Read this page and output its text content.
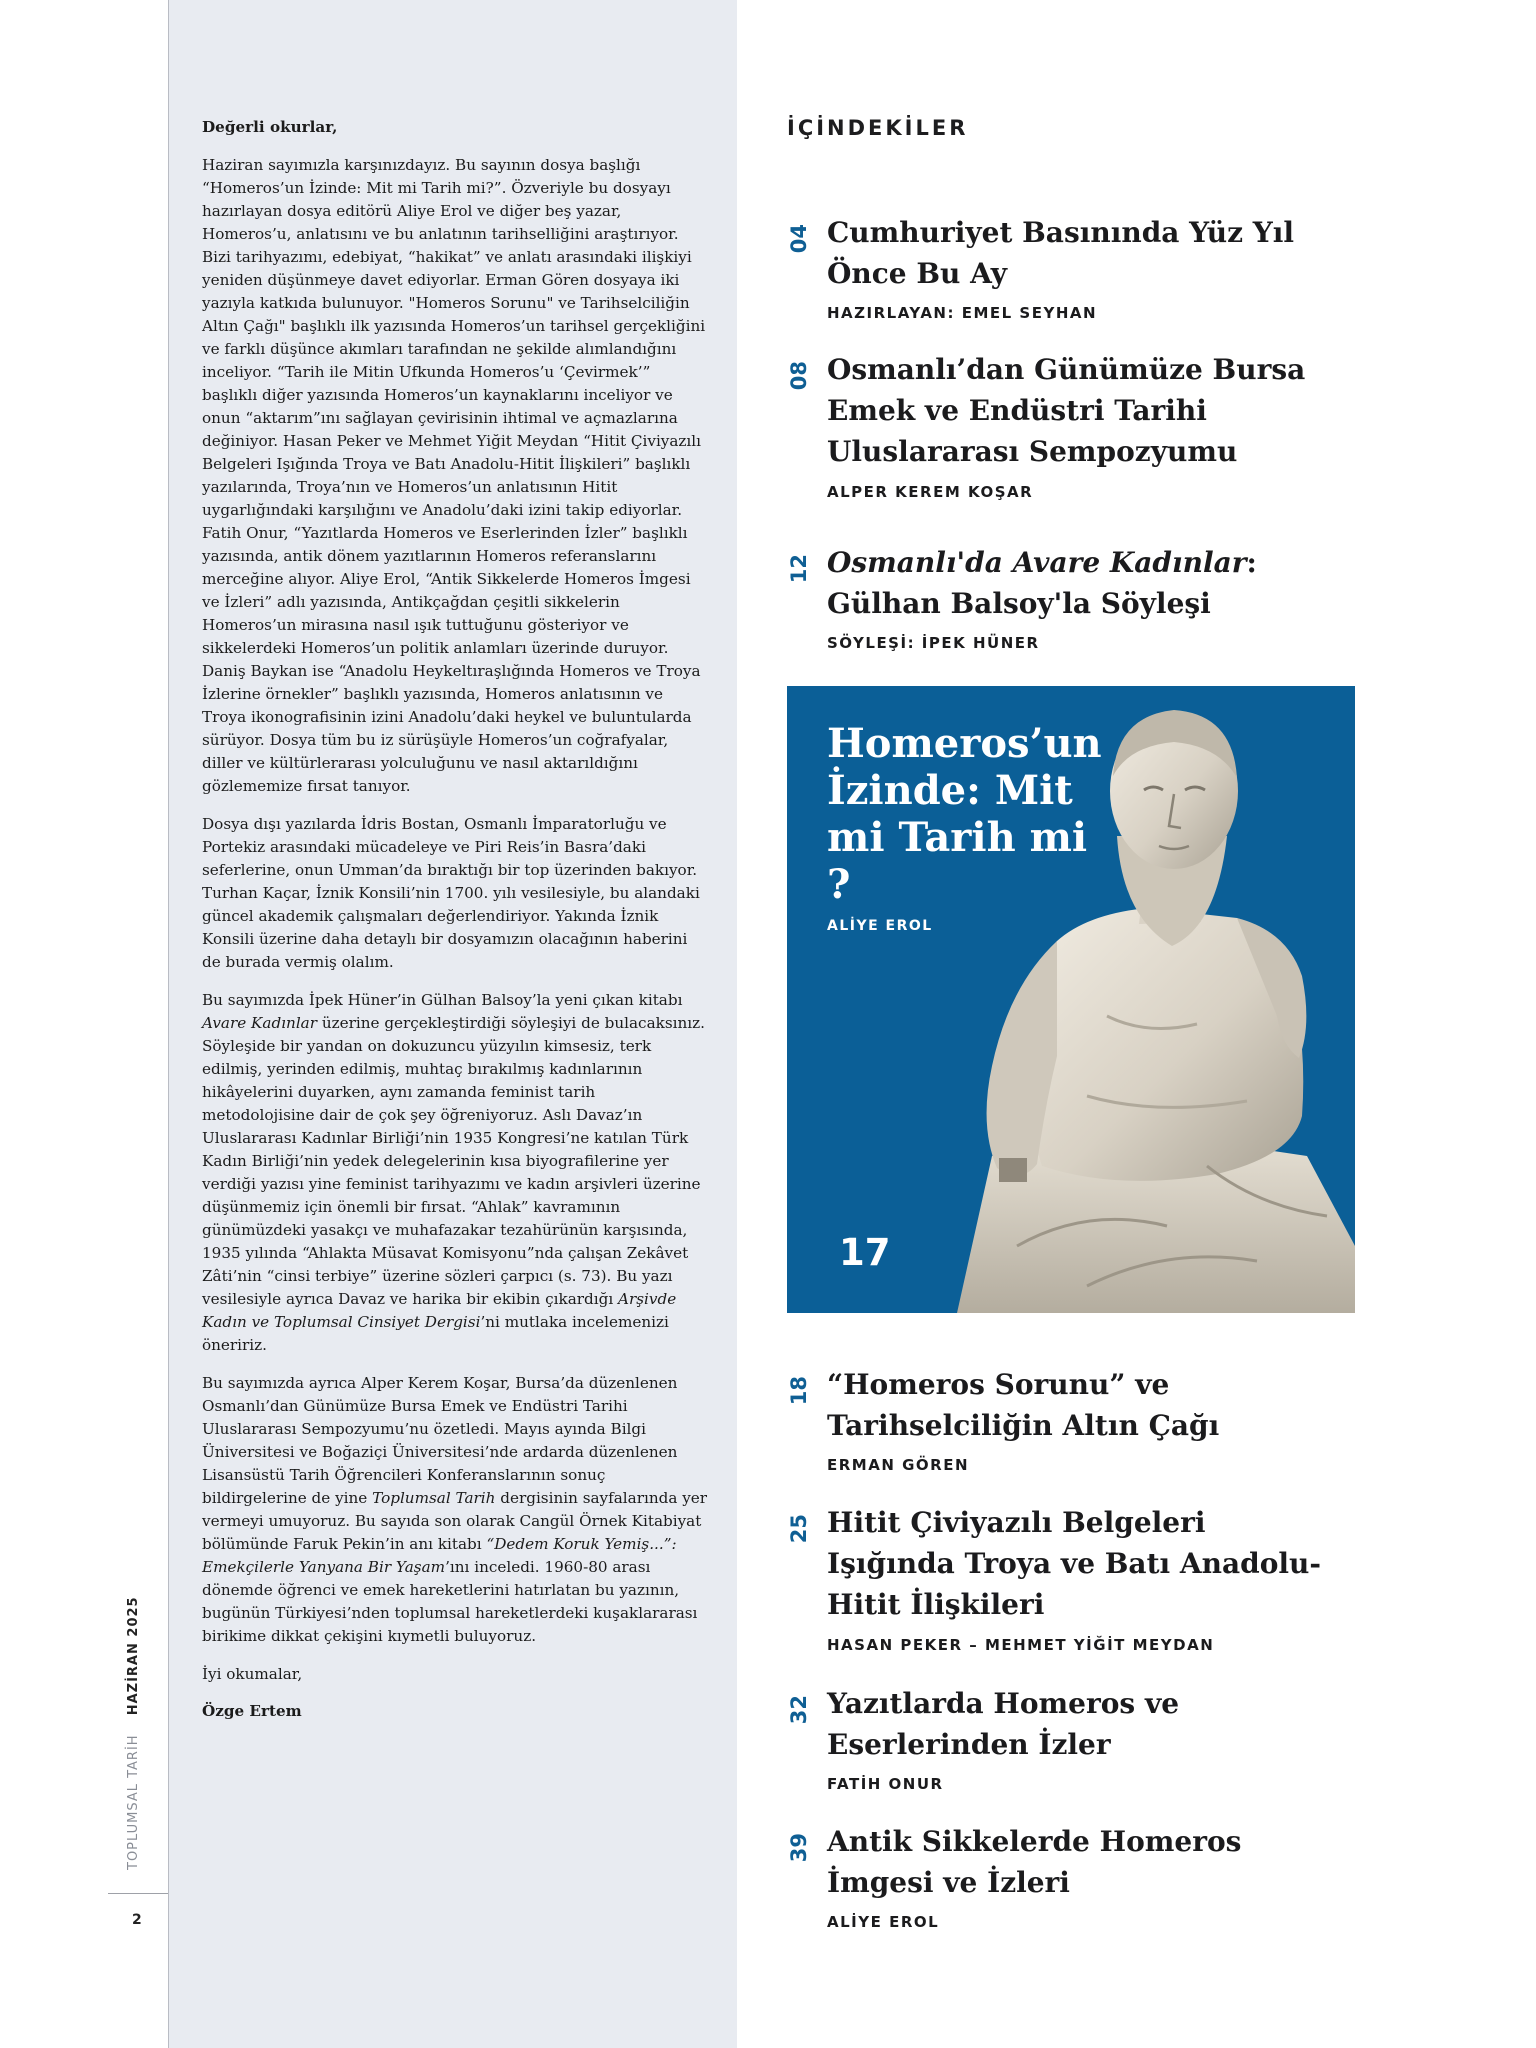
TOPLUMSAL TARİH HAZİRAN 2025
2

Değerli okurlar,

Haziran sayımızla karşınızdayız. Bu sayının dosya başlığı “Homeros’un İzinde: Mit mi Tarih mi?”. Özveriyle bu dosyayı hazırlayan dosya editörü Aliye Erol ve diğer beş yazar, Homeros’u, anlatısını ve bu anlatının tarihselliğini araştırıyor. Bizi tarihyazımı, edebiyat, “hakikat” ve anlatı arasındaki ilişkiyi yeniden düşünmeye davet ediyorlar. Erman Gören dosyaya iki yazıyla katkıda bulunuyor. "Homeros Sorunu" ve Tarihselciliğin Altın Çağı" başlıklı ilk yazısında Homeros’un tarihsel gerçekliğini ve farklı düşünce akımları tarafından ne şekilde alımlandığını inceliyor. “Tarih ile Mitin Ufkunda Homeros’u ‘Çevirmek’” başlıklı diğer yazısında Homeros’un kaynaklarını inceliyor ve onun “aktarım”ını sağlayan çevirisinin ihtimal ve açmazlarına değiniyor. Hasan Peker ve Mehmet Yiğit Meydan “Hitit Çiviyazılı Belgeleri Işığında Troya ve Batı Anadolu-Hitit İlişkileri” başlıklı yazılarında, Troya’nın ve Homeros’un anlatısının Hitit uygarlığındaki karşılığını ve Anadolu’daki izini takip ediyorlar. Fatih Onur, “Yazıtlarda Homeros ve Eserlerinden İzler” başlıklı yazısında, antik dönem yazıtlarının Homeros referanslarını merceğine alıyor. Aliye Erol, “Antik Sikkelerde Homeros İmgesi ve İzleri” adlı yazısında, Antikçağdan çeşitli sikkelerin Homeros’un mirasına nasıl ışık tuttuğunu gösteriyor ve sikkelerdeki Homeros’un politik anlamları üzerinde duruyor. Daniş Baykan ise “Anadolu Heykeltıraşlığında Homeros ve Troya İzlerine örnekler” başlıklı yazısında, Homeros anlatısının ve Troya ikonografisinin izini Anadolu’daki heykel ve buluntularda sürüyor. Dosya tüm bu iz sürüşüyle Homeros’un coğrafyalar, diller ve kültürlerarası yolculuğunu ve nasıl aktarıldığını gözlememize fırsat tanıyor.

Dosya dışı yazılarda İdris Bostan, Osmanlı İmparatorluğu ve Portekiz arasındaki mücadeleye ve Piri Reis’in Basra’daki seferlerine, onun Umman’da bıraktığı bir top üzerinden bakıyor. Turhan Kaçar, İznik Konsili’nin 1700. yılı vesilesiyle, bu alandaki güncel akademik çalışmaları değerlendiriyor. Yakında İznik Konsili üzerine daha detaylı bir dosyamızın olacağının haberini de burada vermiş olalım.

Bu sayımızda İpek Hüner’in Gülhan Balsoy’la yeni çıkan kitabı Avare Kadınlar üzerine gerçekleştirdiği söyleşiyi de bulacaksınız. Söyleşide bir yandan on dokuzuncu yüzyılın kimsesiz, terk edilmiş, yerinden edilmiş, muhtaç bırakılmış kadınlarının hikâyelerini duyarken, aynı zamanda feminist tarih metodolojisine dair de çok şey öğreniyoruz. Aslı Davaz’ın Uluslararası Kadınlar Birliği’nin 1935 Kongresi’ne katılan Türk Kadın Birliği’nin yedek delegelerinin kısa biyografilerine yer verdiği yazısı yine feminist tarihyazımı ve kadın arşivleri üzerine düşünmemiz için önemli bir fırsat. “Ahlak” kavramının günümüzdeki yasakçı ve muhafazakar tezahürünün karşısında, 1935 yılında “Ahlakta Müsavat Komisyonu”nda çalışan Zekâvet Zâti’nin “cinsi terbiye” üzerine sözleri çarpıcı (s. 73). Bu yazı vesilesiyle ayrıca Davaz ve harika bir ekibin çıkardığı Arşivde Kadın ve Toplumsal Cinsiyet Dergisi’ni mutlaka incelemenizi öneririz.

Bu sayımızda ayrıca Alper Kerem Koşar, Bursa’da düzenlenen Osmanlı’dan Günümüze Bursa Emek ve Endüstri Tarihi Uluslararası Sempozyumu’nu özetledi. Mayıs ayında Bilgi Üniversitesi ve Boğaziçi Üniversitesi’nde ardarda düzenlenen Lisansüstü Tarih Öğrencileri Konferanslarının sonuç bildirgelerine de yine Toplumsal Tarih dergisinin sayfalarında yer vermeyi umuyoruz. Bu sayıda son olarak Cangül Örnek Kitabiyat bölümünde Faruk Pekin’in anı kitabı “Dedem Koruk Yemiş...”: Emekçilerle Yanyana Bir Yaşam’ını inceledi. 1960-80 arası dönemde öğrenci ve emek hareketlerini hatırlatan bu yazının, bugünün Türkiyesi’nden toplumsal hareketlerdeki kuşaklararası birikime dikkat çekişini kıymetli buluyoruz.

İyi okumalar,

Özge Ertem
İÇİNDEKİLER
04 Cumhuriyet Basınında Yüz Yıl Önce Bu Ay
HAZIRLAYAN: EMEL SEYHAN
08 Osmanlı’dan Günümüze Bursa Emek ve Endüstri Tarihi Uluslararası Sempozyumu
ALPER KEREM KOŞAR
12 Osmanlı'da Avare Kadınlar: Gülhan Balsoy'la Söyleşi
SÖYLEŞİ: İPEK HÜNER
Homeros’un İzinde: Mit mi Tarih mi ?
ALİYE EROL
17
18 “Homeros Sorunu” ve Tarihselciliğin Altın Çağı
ERMAN GÖREN
25 Hitit Çiviyazılı Belgeleri Işığında Troya ve Batı Anadolu-Hitit İlişkileri
HASAN PEKER – MEHMET YİĞİT MEYDAN
32 Yazıtlarda Homeros ve Eserlerinden İzler
FATİH ONUR
39 Antik Sikkelerde Homeros İmgesi ve İzleri
ALİYE EROL
